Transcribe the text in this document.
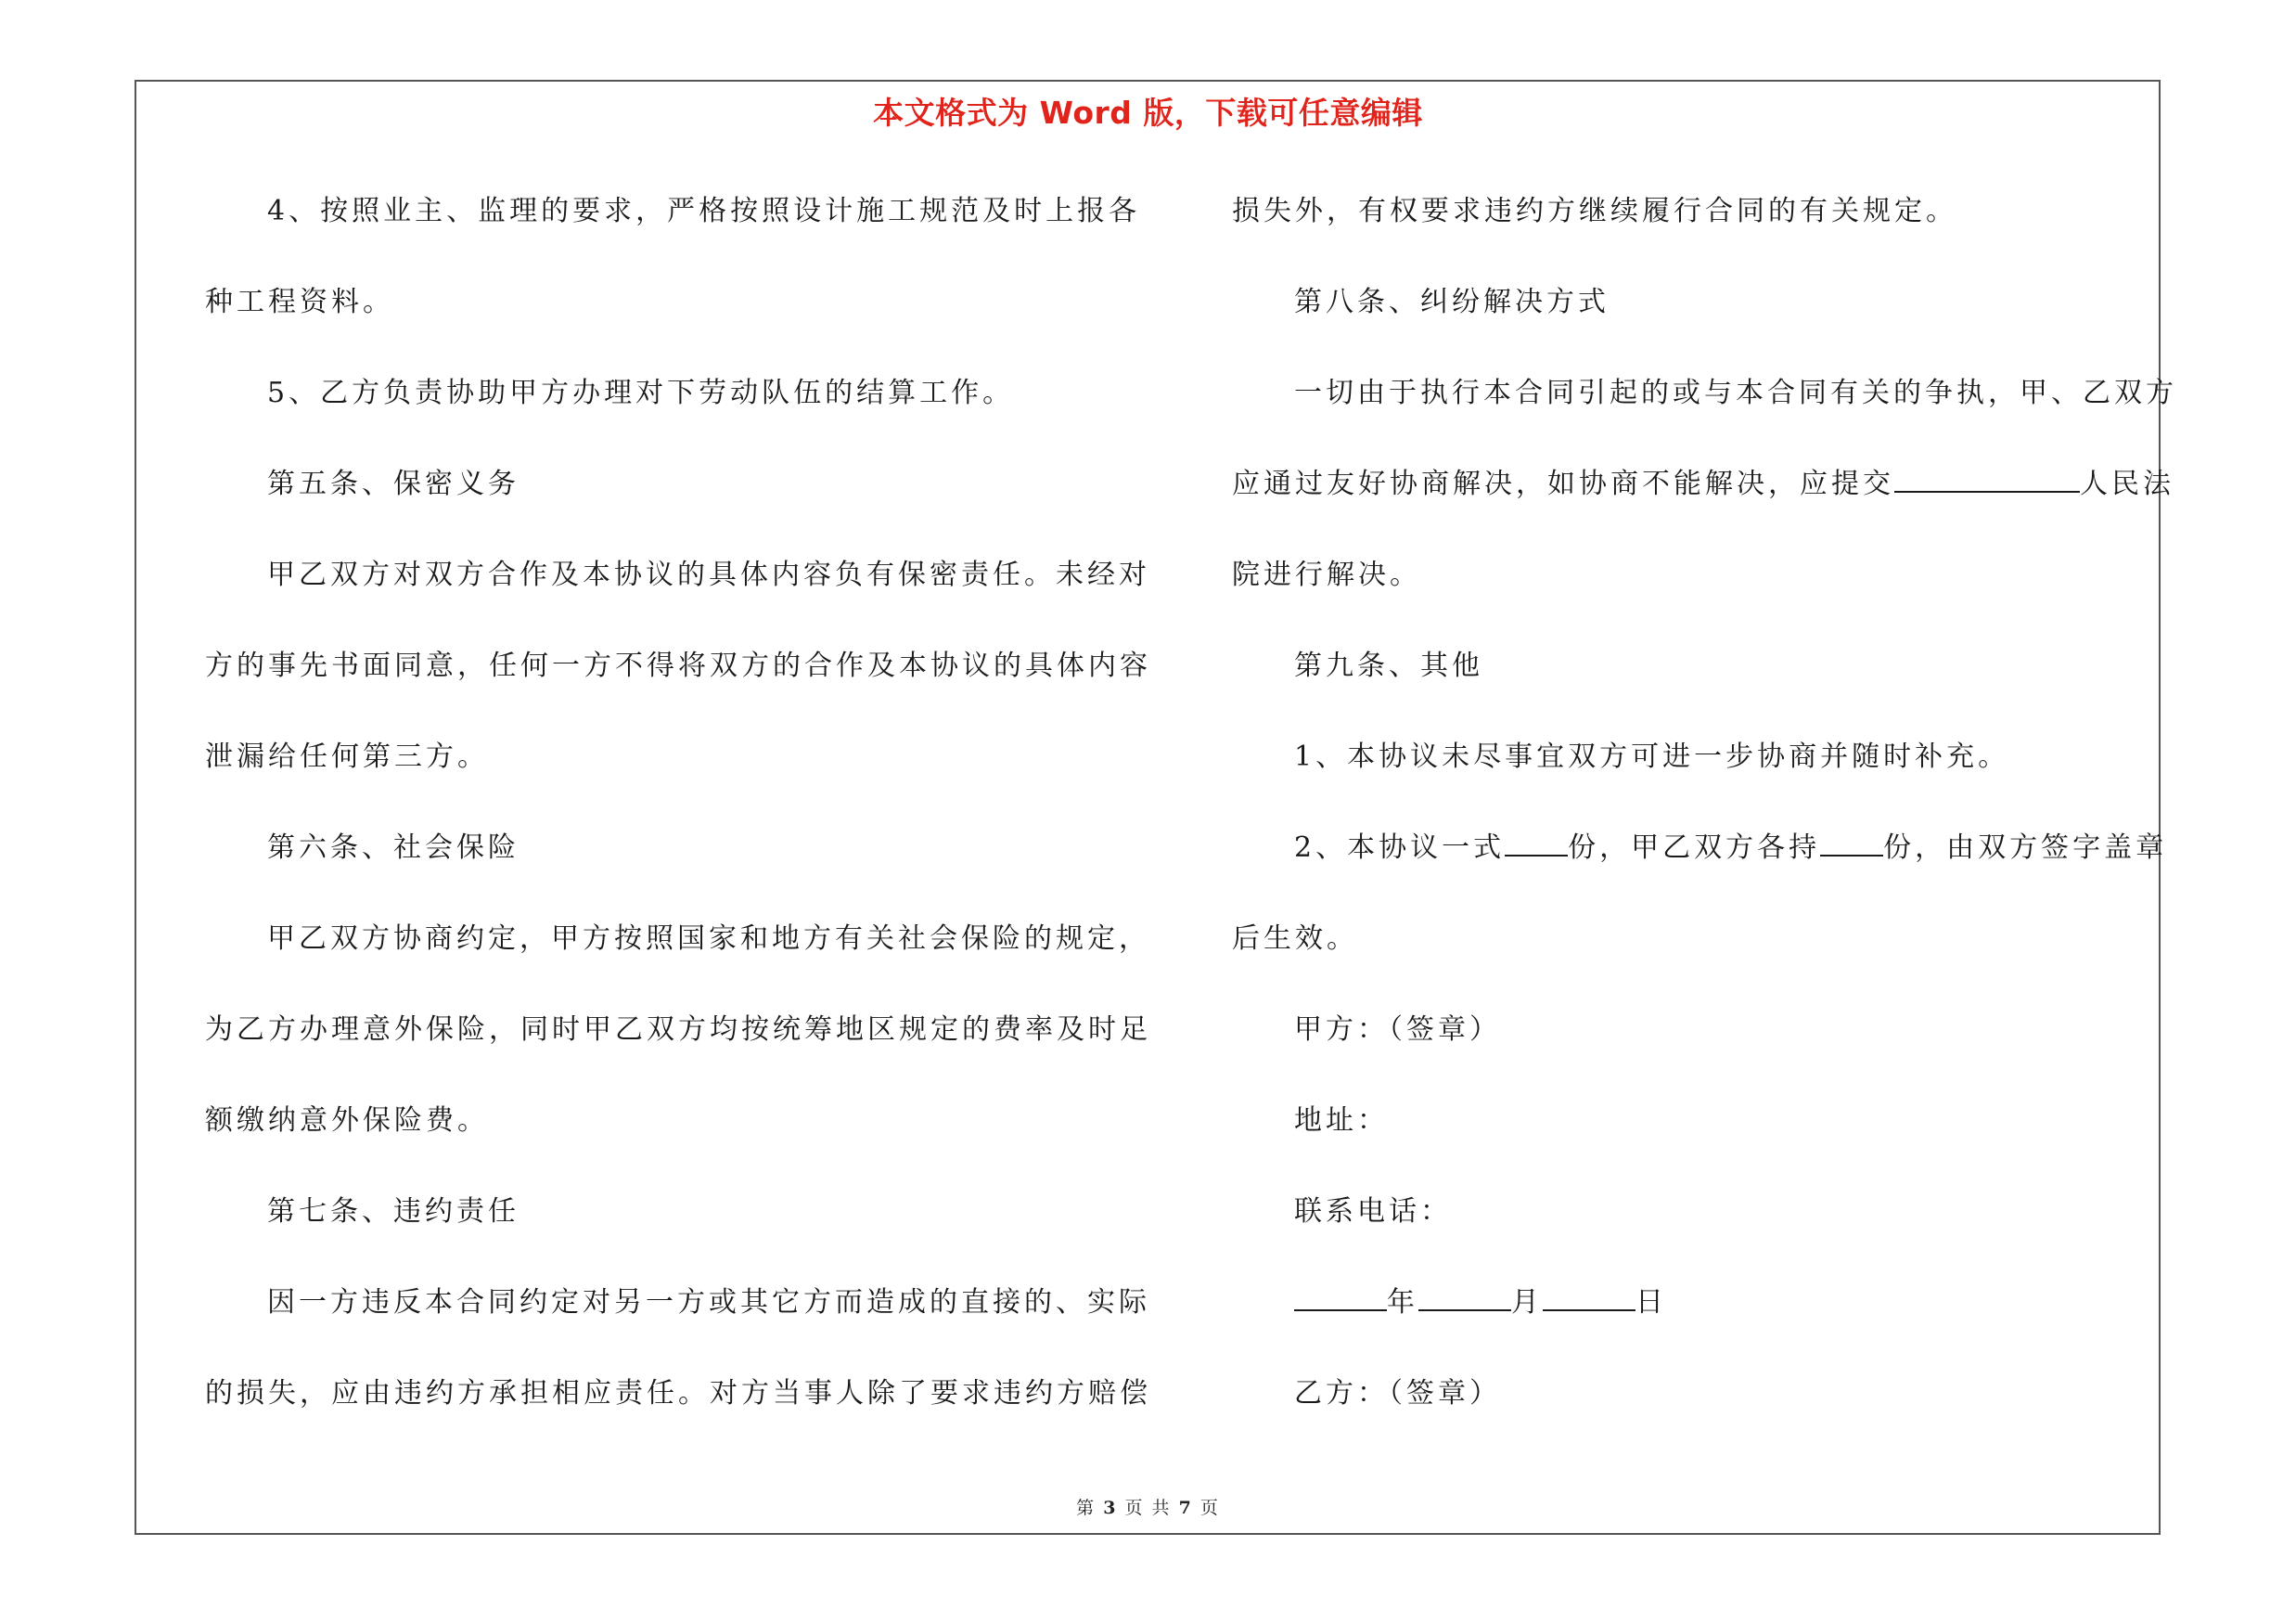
本文格式为 Word 版，下载可任意编辑
4、按照业主、监理的要求，严格按照设计施工规范及时上报各
种工程资料。
5、乙方负责协助甲方办理对下劳动队伍的结算工作。
第五条、保密义务
甲乙双方对双方合作及本协议的具体内容负有保密责任。未经对
方的事先书面同意，任何一方不得将双方的合作及本协议的具体内容
泄漏给任何第三方。
第六条、社会保险
甲乙双方协商约定，甲方按照国家和地方有关社会保险的规定，
为乙方办理意外保险，同时甲乙双方均按统筹地区规定的费率及时足
额缴纳意外保险费。
第七条、违约责任
因一方违反本合同约定对另一方或其它方而造成的直接的、实际
的损失，应由违约方承担相应责任。对方当事人除了要求违约方赔偿
损失外，有权要求违约方继续履行合同的有关规定。
第八条、纠纷解决方式
一切由于执行本合同引起的或与本合同有关的争执，甲、乙双方
应通过友好协商解决，如协商不能解决，应提交	人民法
院进行解决。
第九条、其他
1、本协议未尽事宜双方可进一步协商并随时补充。
2、本协议一式 份，甲乙双方各持 份，由双方签字盖章
后生效。
甲方：（签章）
地址：
联系电话：
年	月	日
乙方：（签章）
第 3 页 共 7 页
